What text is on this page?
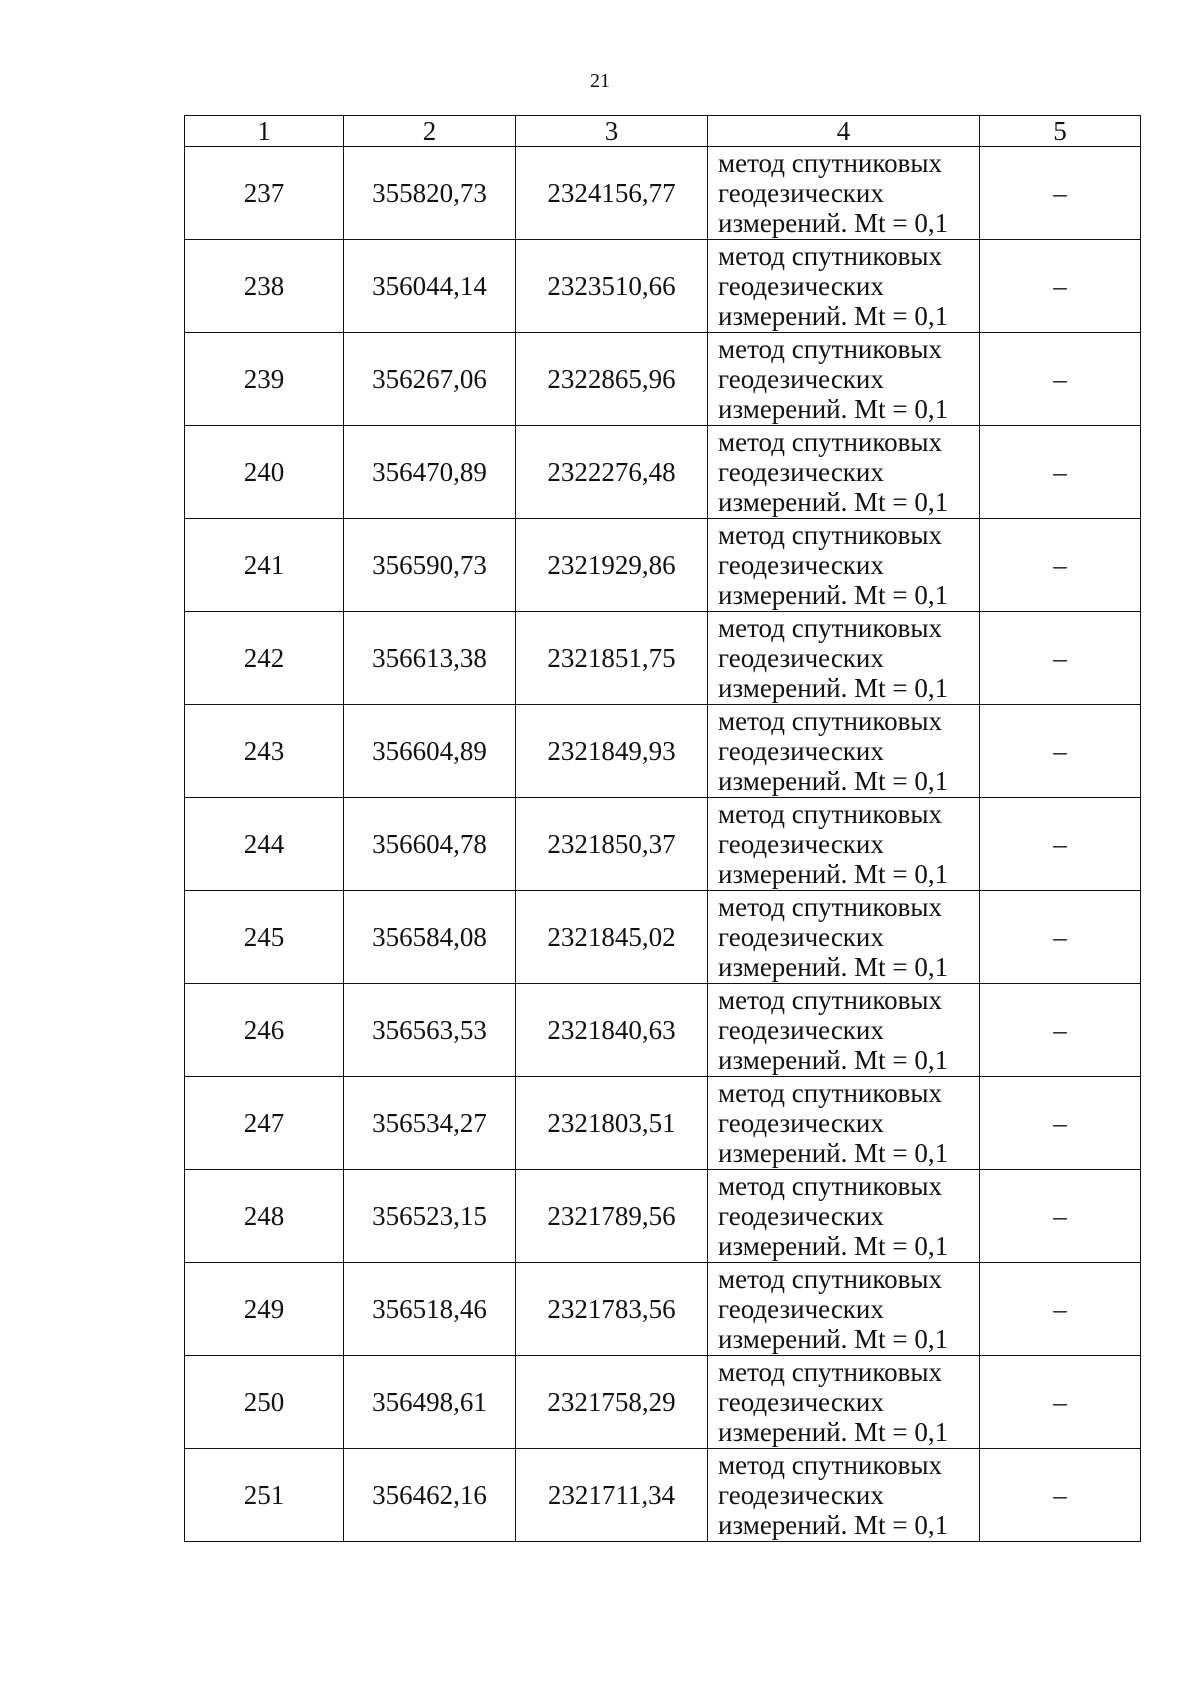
21
1	2	3	4	5
237	355820,73	2324156,77	метод спутниковых
геодезических
измерений. Mt = 0,1	–
238	356044,14	2323510,66	метод спутниковых
геодезических
измерений. Mt = 0,1	–
239	356267,06	2322865,96	метод спутниковых
геодезических
измерений. Mt = 0,1	–
240	356470,89	2322276,48	метод спутниковых
геодезических
измерений. Mt = 0,1	–
241	356590,73	2321929,86	метод спутниковых
геодезических
измерений. Mt = 0,1	–
242	356613,38	2321851,75	метод спутниковых
геодезических
измерений. Mt = 0,1	–
243	356604,89	2321849,93	метод спутниковых
геодезических
измерений. Mt = 0,1	–
244	356604,78	2321850,37	метод спутниковых
геодезических
измерений. Mt = 0,1	–
245	356584,08	2321845,02	метод спутниковых
геодезических
измерений. Mt = 0,1	–
246	356563,53	2321840,63	метод спутниковых
геодезических
измерений. Mt = 0,1	–
247	356534,27	2321803,51	метод спутниковых
геодезических
измерений. Mt = 0,1	–
248	356523,15	2321789,56	метод спутниковых
геодезических
измерений. Mt = 0,1	–
249	356518,46	2321783,56	метод спутниковых
геодезических
измерений. Mt = 0,1	–
250	356498,61	2321758,29	метод спутниковых
геодезических
измерений. Mt = 0,1	–
251	356462,16	2321711,34	метод спутниковых
геодезических
измерений. Mt = 0,1	–
